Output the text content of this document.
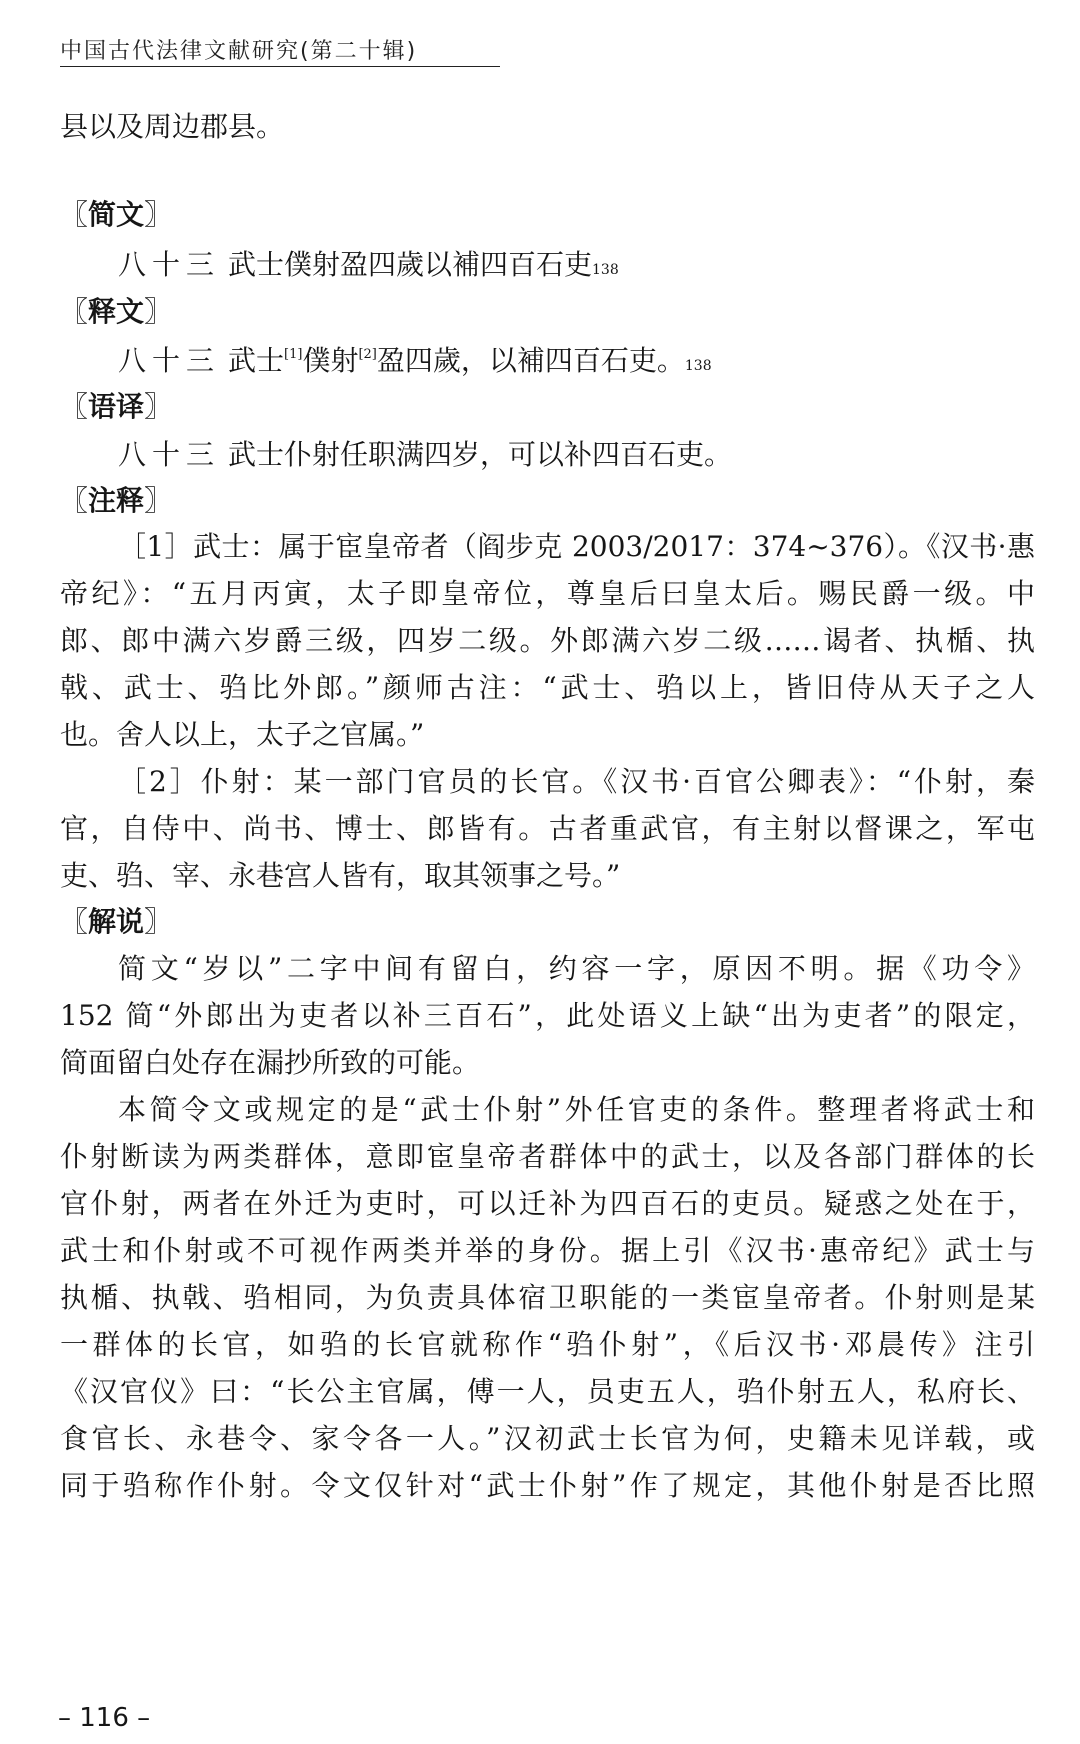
中国古代法律文献研究(第二十辑)
县以及周边郡县。
〖简文〗
八十三 武士僕射盈四歲以補四百石吏138
〖释文〗
八十三 武士[1]僕射[2]盈四歲，以補四百石吏。138
〖语译〗
八十三 武士仆射任职满四岁，可以补四百石吏。
〖注释〗
［1］武士：属于宦皇帝者（阎步克 2003/2017：374~376）。《汉书·惠
帝纪》：“五月丙寅，太子即皇帝位，尊皇后曰皇太后。赐民爵一级。中
郎、郎中满六岁爵三级，四岁二级。外郎满六岁二级……谒者、执楯、执
戟、武士、驺比外郎。”颜师古注：“武士、驺以上，皆旧侍从天子之人
也。舍人以上，太子之官属。”
［2］仆射：某一部门官员的长官。《汉书·百官公卿表》：“仆射，秦
官，自侍中、尚书、博士、郎皆有。古者重武官，有主射以督课之，军屯
吏、驺、宰、永巷宫人皆有，取其领事之号。”
〖解说〗
简文“岁以”二字中间有留白，约容一字，原因不明。据《功令》
152 简“外郎出为吏者以补三百石”，此处语义上缺“出为吏者”的限定，
简面留白处存在漏抄所致的可能。
本简令文或规定的是“武士仆射”外任官吏的条件。整理者将武士和
仆射断读为两类群体，意即宦皇帝者群体中的武士，以及各部门群体的长
官仆射，两者在外迁为吏时，可以迁补为四百石的吏员。疑惑之处在于，
武士和仆射或不可视作两类并举的身份。据上引《汉书·惠帝纪》武士与
执楯、执戟、驺相同，为负责具体宿卫职能的一类宦皇帝者。仆射则是某
一群体的长官，如驺的长官就称作“驺仆射”，《后汉书·邓晨传》注引
《汉官仪》曰：“长公主官属，傅一人，员吏五人，驺仆射五人，私府长、
食官长、永巷令、家令各一人。”汉初武士长官为何，史籍未见详载，或
同于驺称作仆射。令文仅针对“武士仆射”作了规定，其他仆射是否比照
– 116 –
